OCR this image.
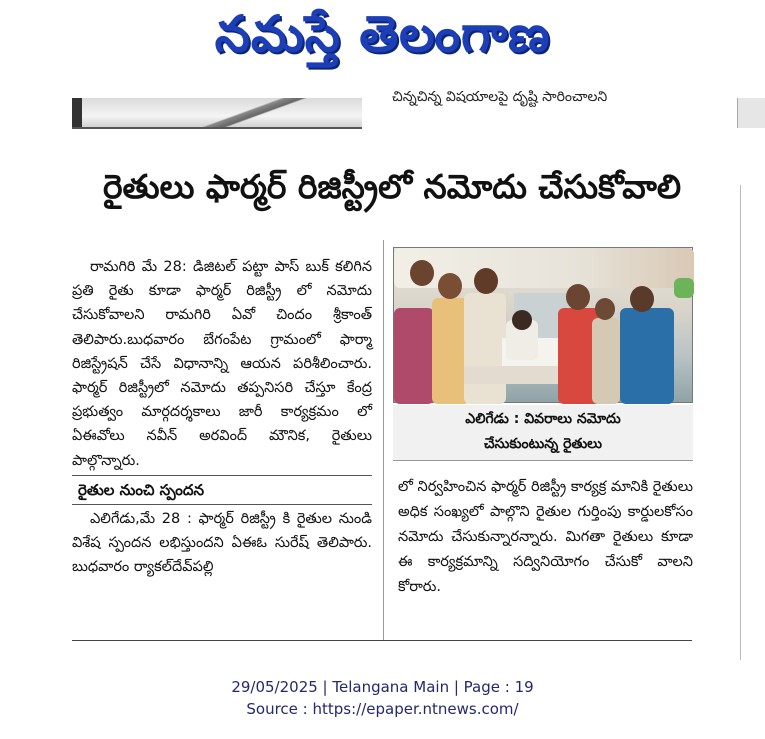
నమస్తే తెలంగాణ
చిన్నచిన్న విషయాలపై దృష్టి సారించాలని
రైతులు ఫార్మర్ రిజిస్ట్రీలో నమోదు చేసుకోవాలి

రామగిరి మే 28: డిజిటల్ పట్టా పాస్ బుక్ కలిగిన ప్రతి రైతు కూడా ఫార్మర్ రిజిస్ట్రీ లో నమోదు చేసుకోవాలని రామగిరి ఏవో చిందం శ్రీకాంత్ తెలిపారు.బుధవారం బేగంపేట గ్రామంలో ఫార్మా రిజిస్ట్రేషన్ చేసే విధానాన్ని ఆయన పరిశీలించారు. ఫార్మర్ రిజిస్ట్రీలో నమోదు తప్పనిసరి చేస్తూ కేంద్ర ప్రభుత్వం మార్గదర్శకాలు జారీ కార్యక్రమం లో ఏఈవోలు నవీన్ అరవింద్ మౌనిక, రైతులు పాల్గొన్నారు.

రైతుల నుంచి స్పందన

ఎలిగేడు,మే 28 : ఫార్మర్ రిజిస్ట్రీ కి రైతుల నుండి విశేష స్పందన లభిస్తుందని ఏఈఓ సురేష్ తెలిపారు. బుధవారం ర్యాకల్‌దేవ్‌పల్లి

ఎలిగేడు : వివరాలు నమోదు
చేసుకుంటున్న రైతులు

లో నిర్వహించిన ఫార్మర్ రిజిస్ట్రీ కార్యక్ర మానికి రైతులు అధిక సంఖ్యలో పాల్గొని రైతుల గుర్తింపు కార్డులకోసం నమోదు చేసుకున్నారన్నారు. మిగతా రైతులు కూడా ఈ కార్యక్రమాన్ని సద్వినియోగం చేసుకో వాలని కోరారు.

29/05/2025 | Telangana Main | Page : 19
Source : https://epaper.ntnews.com/
